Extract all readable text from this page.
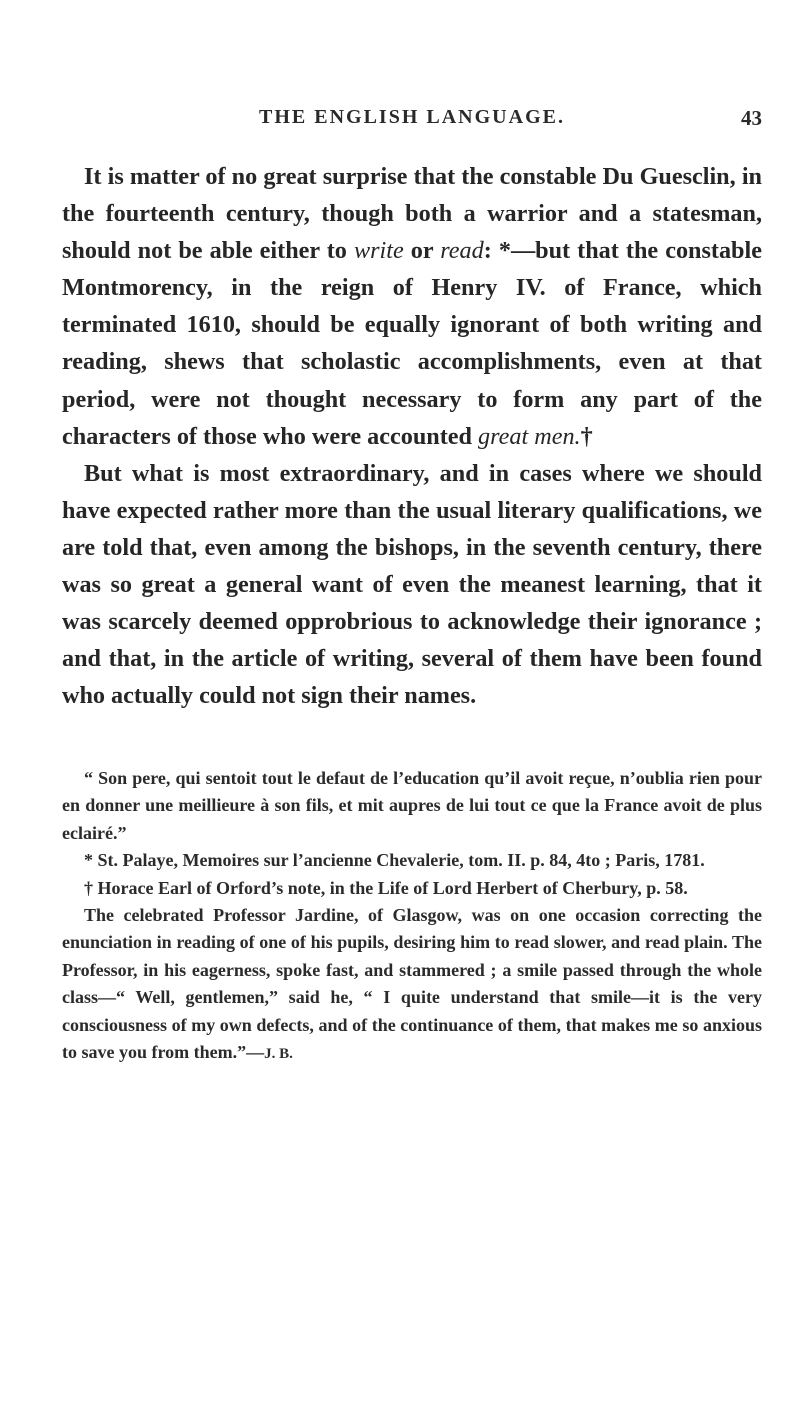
THE ENGLISH LANGUAGE.	43

It is matter of no great surprise that the constable Du Guesclin, in the fourteenth century, though both a warrior and a statesman, should not be able either to write or read: *—but that the constable Montmorency, in the reign of Henry IV. of France, which terminated 1610, should be equally ignorant of both writing and reading, shews that scholastic accomplishments, even at that period, were not thought necessary to form any part of the characters of those who were accounted great men.†

But what is most extraordinary, and in cases where we should have expected rather more than the usual literary qualifications, we are told that, even among the bishops, in the seventh century, there was so great a general want of even the meanest learning, that it was scarcely deemed opprobrious to acknowledge their ignorance ; and that, in the article of writing, several of them have been found who actually could not sign their names.

“ Son pere, qui sentoit tout le defaut de l’education qu’il avoit reçue, n’oublia rien pour en donner une meillieure à son fils, et mit aupres de lui tout ce que la France avoit de plus eclairé.”

* St. Palaye, Memoires sur l’ancienne Chevalerie, tom. II. p. 84, 4to ; Paris, 1781.

† Horace Earl of Orford’s note, in the Life of Lord Herbert of Cherbury, p. 58.

The celebrated Professor Jardine, of Glasgow, was on one occasion correcting the enunciation in reading of one of his pupils, desiring him to read slower, and read plain. The Professor, in his eagerness, spoke fast, and stammered ; a smile passed through the whole class—“ Well, gentlemen,” said he, “ I quite understand that smile—it is the very consciousness of my own defects, and of the continuance of them, that makes me so anxious to save you from them.”—J. B.
